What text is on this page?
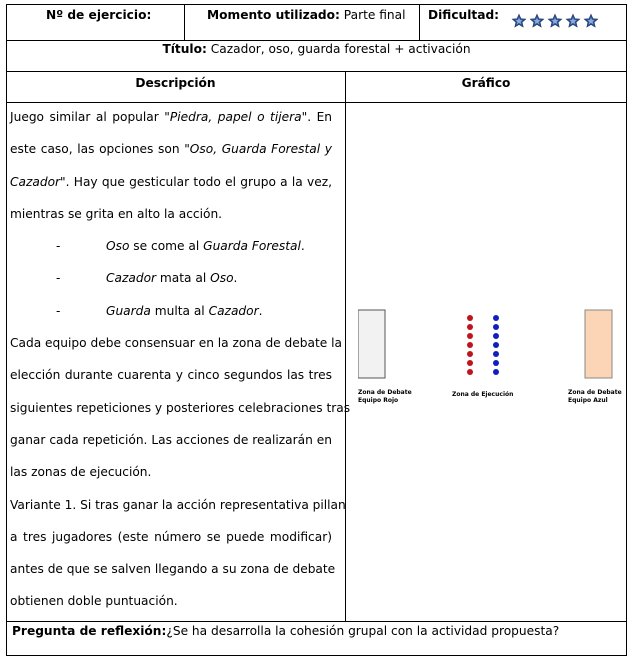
Nº de ejercicio:	Momento utilizado: Parte final Dificultad:
Título: Cazador, oso, guarda forestal + activación
Descripción	Gráfico
Juego similar al popular "Piedra, papel o tijera". En
este caso, las opciones son "Oso, Guarda Forestal y
Cazador". Hay que gesticular todo el grupo a la vez,
mientras se grita en alto la acción.
-	Oso se come al Guarda Forestal.
-	Cazador mata al Oso.
-	Guarda multa al Cazador.
Cada equipo debe consensuar en la zona de debate la
elección durante cuarenta y cinco segundos las tres
siguientes repeticiones y posteriores celebraciones tras
ganar cada repetición. Las acciones de realizarán en
las zonas de ejecución.
Variante 1. Si tras ganar la acción representativa pillan
a tres jugadores (este número se puede modificar)
antes de que se salven llegando a su zona de debate
obtienen doble puntuación.
Zona de Debate
Equipo Rojo
Zona de Ejecución	Zona de Debate
Equipo Azul
Pregunta de reflexión:¿Se ha desarrolla la cohesión grupal con la actividad propuesta?
